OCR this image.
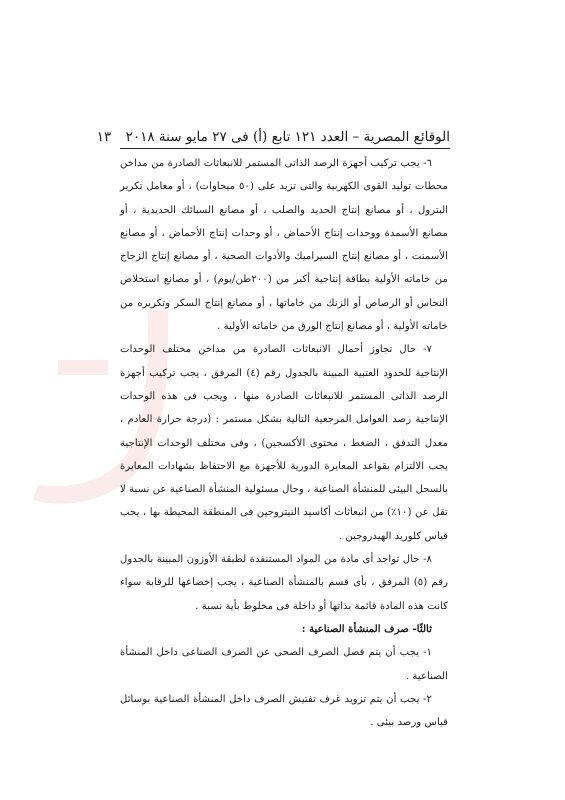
الوقائع المصرية – العدد ١٢١ تابع (أ) فى ٢٧ مايو سنة ٢٠١٨ ١٣

٦- يجب تركيب أجهزة الرصد الذاتى المستمر للانبعاثات الصادرة من مداخن محطات توليد القوى الكهربية والتى تزيد على (٥٠ ميجاوات) ، أو معامل تكرير البترول ، أو مصانع إنتاج الحديد والصلب ، أو مصانع السبائك الحديدية ، أو مصانع الأسمدة ووحدات إنتاج الأحماض ، أو وحدات إنتاج الأحماض ، أو مصانع الأسمنت ، أو مصانع إنتاج السيراميك والأدوات الصحية ، أو مصانع إنتاج الزجاج من خاماته الأولية بطاقة إنتاجية أكبر من (٢٠٠طن/يوم) ، أو مصانع استخلاص النحاس أو الرصاص أو الزنك من خاماتها ، أو مصانع إنتاج السكر وتكريره من خاماته الأولية ، أو مصانع إنتاج الورق من خاماته الأولية .

٧- حال تجاوز أحمال الانبعاثات الصادرة من مداخن مختلف الوحدات الإنتاجية للحدود العتبية المبينة بالجدول رقم (٤) المرفق ، يجب تركيب أجهزة الرصد الذاتى المستمر للانبعاثات الصادرة منها ، ويجب فى هذه الوحدات الإنتاجية رصد العوامل المرجعية التالية بشكل مستمر : (درجة حرارة العادم ، معدل التدفق ، الضغط ، محتوى الأكسجين) ، وفى مختلف الوحدات الإنتاجية يجب الالتزام بقواعد المعايرة الدورية للأجهزة مع الاحتفاظ بشهادات المعايرة بالسجل البيئى للمنشأة الصناعية ، وحال مسئولية المنشأة الصناعية عن نسبة لا تقل عن (١٠٪) من انبعاثات أكاسيد النيتروجين فى المنطقة المحيطة بها ، يجب قياس كلوريد الهيدروجين .

٨- حال تواجد أى مادة من المواد المستنفدة لطبقة الأوزون المبينة بالجدول رقم (٥) المرفق ، بأى قسم بالمنشأة الصناعية ، يجب إخضاعها للرقابة سواء كانت هذه المادة قائمة بذاتها أو داخلة فى مخلوط بأية نسبة .

ثالثًا- صرف المنشأة الصناعية :

١- يجب أن يتم فصل الصرف الصحى عن الصرف الصناعى داخل المنشأة الصناعية .

٢- يجب أن يتم تزويد غرف تفتيش الصرف داخل المنشأة الصناعية بوسائل قياس ورصد بيئى .
